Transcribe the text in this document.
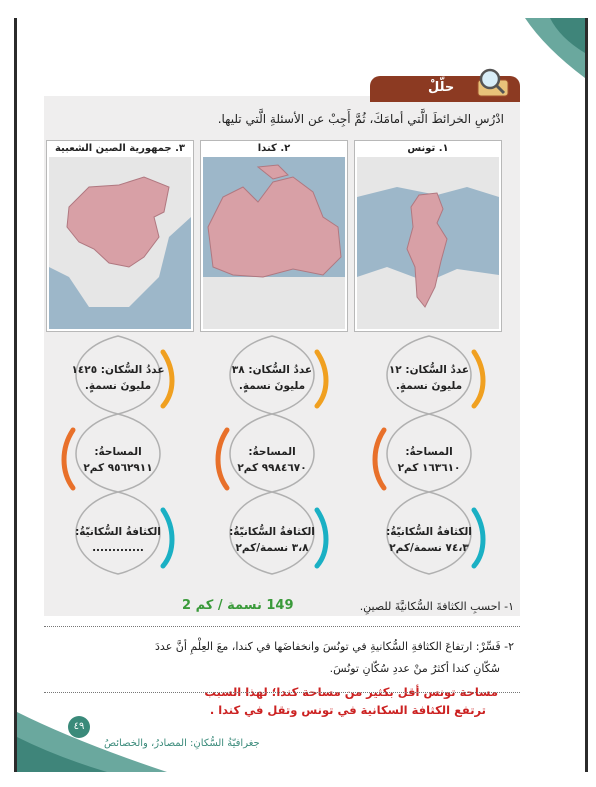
حلّلْ
ادْرُسِ الخرائطَ الَّتي أمامَكَ، ثُمَّ أَجِبْ عن الأسئلةِ الَّتي تليها.
١. تونس
٢. كندا
٣. جمهورية الصين الشعبية
عددُ السُّكان: ١٢
مليونَ نسمةٍ.
المساحةُ:
١٦٣٦١٠ كم٢
الكثافةُ السُّكانيّةُ:
٧٤،٣ نسمة/كم٢
عددُ السُّكان: ٣٨
مليونَ نسمةٍ.
المساحةُ:
٩٩٨٤٦٧٠ كم٢
الكثافةُ السُّكانيّةُ:
٣،٨ نسمة/كم٢
عددُ السُّكان: ١٤٢٥
مليونَ نسمةٍ.
المساحةُ:
٩٥٦٢٩١١ كم٢
الكثافةُ السُّكانيّةُ:
.............
١- احسبِ الكثافةَ السُّكانيَّةَ للصينِ.
149 نسمة / كم 2
٢- فَسِّرْ: ارتفاعَ الكثافةِ السُّكانيةِ في تونُسَ وانخفاضَها في كندا، معَ العِلْمِ أنَّ عددَ
سُكّانِ كندا أكثرُ منْ عددِ سُكّانِ تونُسَ.
مساحة تونس أقل بكثير من مساحة كندا؛ لهذا السبب
ترتفع الكثافة السكانية في تونس وتقل في كندا .
٤٩
جغرافيّةُ السُّكانِ: المصادرُ، والخصائصُ
